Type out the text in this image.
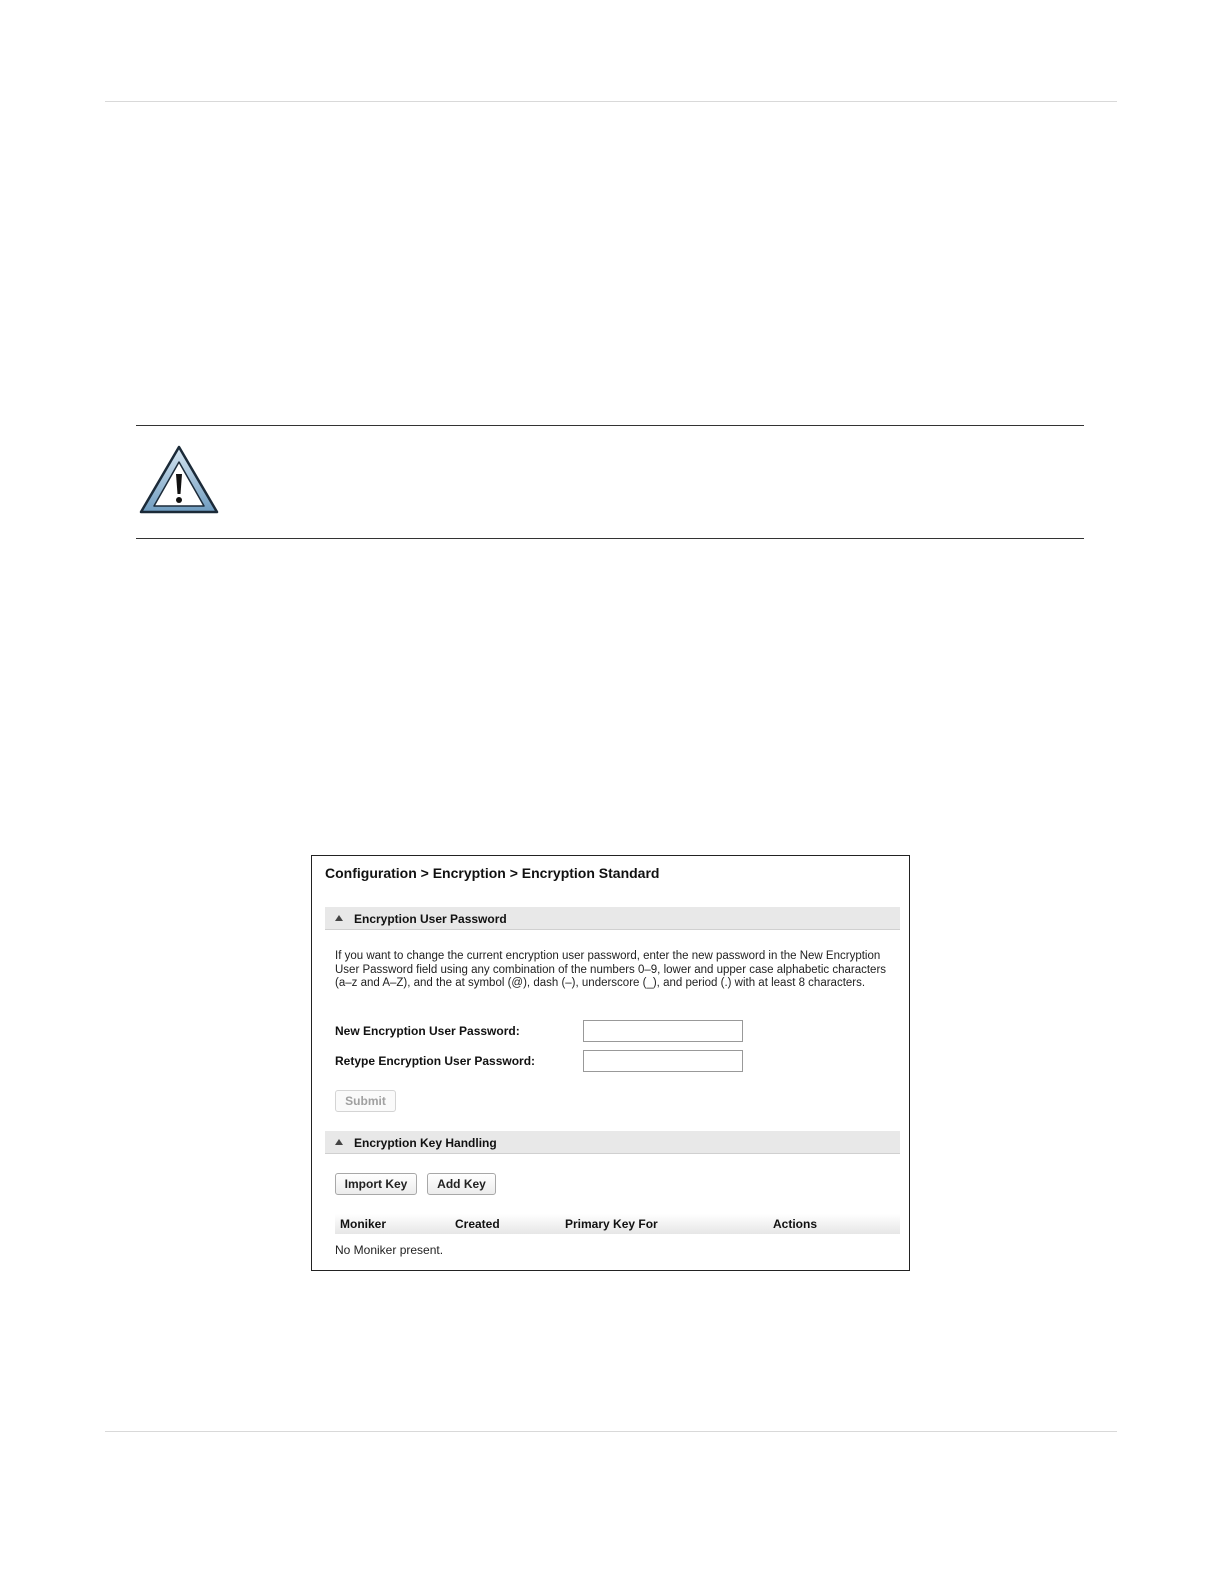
Configuration > Encryption > Encryption Standard
Encryption User Password
If you want to change the current encryption user password, enter the new password in the New Encryption User Password field using any combination of the numbers 0–9, lower and upper case alphabetic characters (a–z and A–Z), and the at symbol (@), dash (–), underscore (_), and period (.) with at least 8 characters.
New Encryption User Password:
Retype Encryption User Password:
Submit
Encryption Key Handling
Import Key	Add Key
Moniker	Created	Primary Key For	Actions
No Moniker present.
